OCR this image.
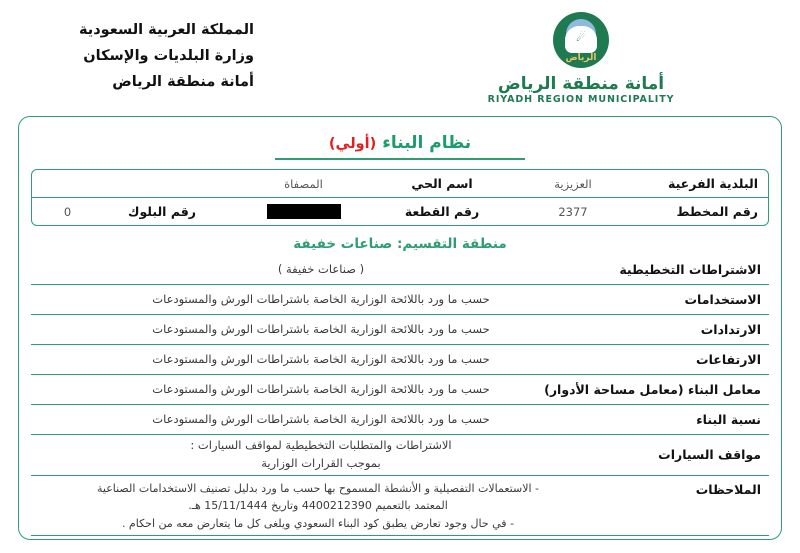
المملكة العربية السعودية
وزارة البلديات والإسكان
أمانة منطقة الرياض
☄
الرياض
أمانة منطقة الرياض
RIYADH REGION MUNICIPALITY
نظام البناء (أولي)
البلدية الفرعية
العزيزية
اسم الحي
المصفاة
رقم المخطط
2377
رقم القطعة
رقم البلوك
0
منطقة التقسيم: صناعات خفيفة
الاشتراطات التخطيطية
( صناعات خفيفة )
الاستخدامات
حسب ما ورد باللائحة الوزارية الخاصة باشتراطات الورش والمستودعات
الارتدادات
حسب ما ورد باللائحة الوزارية الخاصة باشتراطات الورش والمستودعات
الارتفاعات
حسب ما ورد باللائحة الوزارية الخاصة باشتراطات الورش والمستودعات
معامل البناء (معامل مساحة الأدوار)
حسب ما ورد باللائحة الوزارية الخاصة باشتراطات الورش والمستودعات
نسبة البناء
حسب ما ورد باللائحة الوزارية الخاصة باشتراطات الورش والمستودعات
مواقف السيارات
الاشتراطات والمتطلبات التخطيطية لمواقف السيارات :
بموجب القرارات الوزارية
الملاحظات
- الاستعمالات التفصيلية و الأنشطة المسموح بها حسب ما ورد بدليل تصنيف الاستخدامات الصناعية
المعتمد بالتعميم 4400212390 وتاريخ 15/11/1444 هـ.
- في حال وجود تعارض يطبق كود البناء السعودي ويلغى كل ما يتعارض معه من احكام .
